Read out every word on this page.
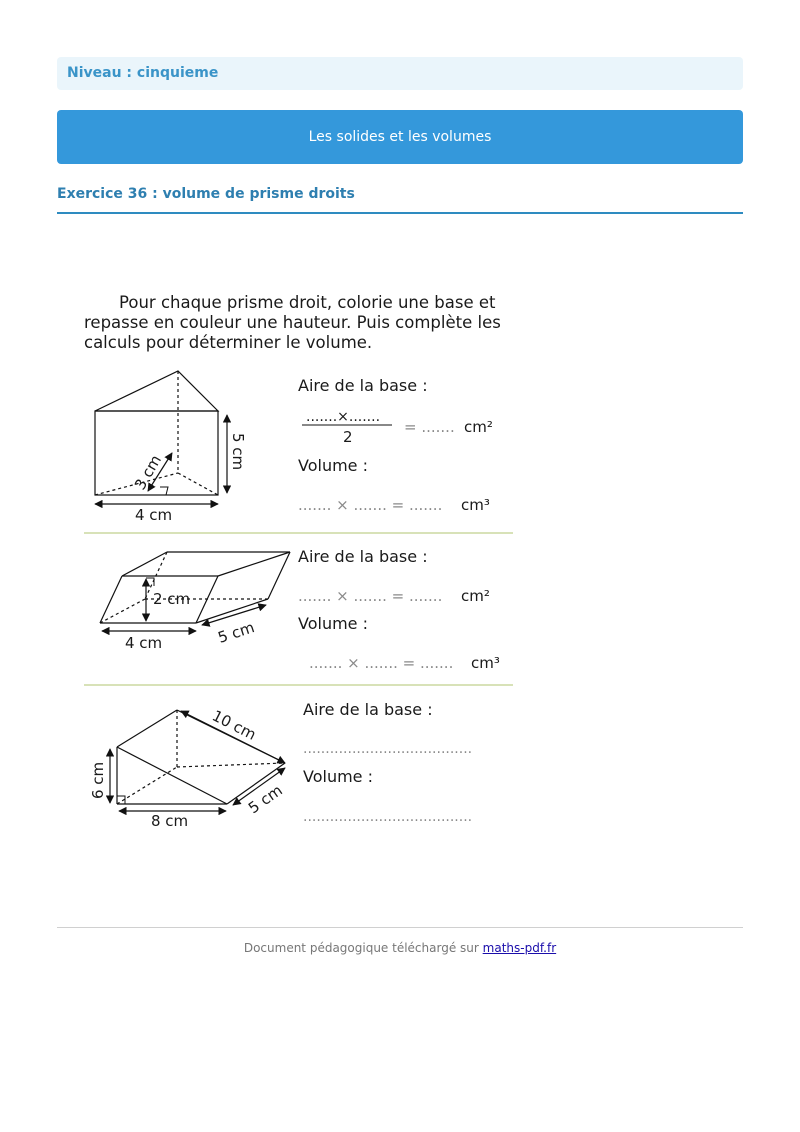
Niveau : cinquieme
Les solides et les volumes
Exercice 36 : volume de prisme droits
Pour chaque prisme droit, colorie une base et
repasse en couleur une hauteur. Puis complète les
calculs pour déterminer le volume.
5 cm
3 cm
4 cm
Aire de la base :
.......×.......
2
= ....... cm²
Volume :
....... × ....... = ....... cm³
2 cm
4 cm	5 cm
Aire de la base :
....... × ....... = ....... cm²
Volume :
....... × ....... = ....... cm³
10 cm
6 cm
8 cm
5 cm
Aire de la base :
......................................
Volume :
......................................
Document pédagogique téléchargé sur maths-pdf.fr
